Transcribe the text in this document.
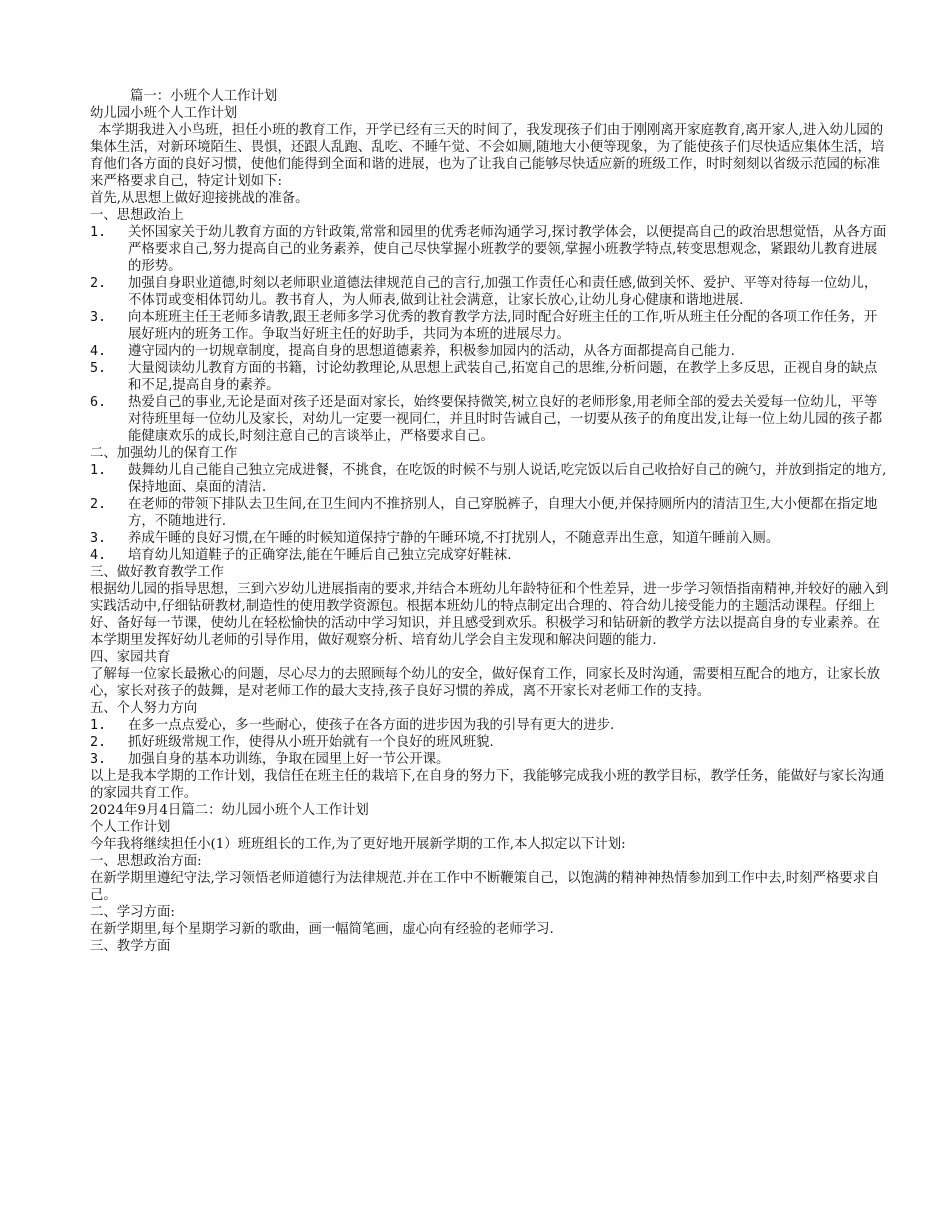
篇一：小班个人工作计划

幼儿园小班个人工作计划

本学期我进入小鸟班，担任小班的教育工作，开学已经有三天的时间了，我发现孩子们由于刚刚离开家庭教育,离开家人,进入幼儿园的集体生活，对新环境陌生、畏惧，还跟人乱跑、乱吃、不睡午觉、不会如厕,随地大小便等现象，为了能使孩子们尽快适应集体生活，培育他们各方面的良好习惯，使他们能得到全面和谐的进展，也为了让我自己能够尽快适应新的班级工作，时时刻刻以省级示范园的标准来严格要求自己，特定计划如下:

首先,从思想上做好迎接挑战的准备。

一、思想政治上

1.	关怀国家关于幼儿教育方面的方针政策,常常和园里的优秀老师沟通学习,探讨教学体会，以便提高自己的政治思想觉悟，从各方面严格要求自己,努力提高自己的业务素养，使自己尽快掌握小班教学的要领,掌握小班教学特点,转变思想观念，紧跟幼儿教育进展的形势。
2.	加强自身职业道德,时刻以老师职业道德法律规范自己的言行,加强工作责任心和责任感,做到关怀、爱护、平等对待每一位幼儿，不体罚或变相体罚幼儿。教书育人，为人师表,做到让社会满意，让家长放心,让幼儿身心健康和谐地进展.
3.	向本班班主任王老师多请教,跟王老师多学习优秀的教育教学方法,同时配合好班主任的工作,听从班主任分配的各项工作任务，开展好班内的班务工作。争取当好班主任的好助手，共同为本班的进展尽力。
4.	遵守园内的一切规章制度，提高自身的思想道德素养，积极参加园内的活动，从各方面都提高自己能力.
5.	大量阅读幼儿教育方面的书籍，讨论幼教理论,从思想上武装自己,拓宽自己的思维,分析问题，在教学上多反思，正视自身的缺点和不足,提高自身的素养。
6.	热爱自己的事业,无论是面对孩子还是面对家长，始终要保持微笑,树立良好的老师形象,用老师全部的爱去关爱每一位幼儿，平等对待班里每一位幼儿及家长，对幼儿一定要一视同仁，并且时时告诫自己，一切要从孩子的角度出发,让每一位上幼儿园的孩子都能健康欢乐的成长,时刻注意自己的言谈举止，严格要求自己。

二、加强幼儿的保育工作

1.	鼓舞幼儿自己能自己独立完成进餐，不挑食，在吃饭的时候不与别人说话,吃完饭以后自己收拾好自己的碗勺，并放到指定的地方,保持地面、桌面的清洁.
2.	在老师的带领下排队去卫生间,在卫生间内不推挤别人，自己穿脱裤子，自理大小便,并保持厕所内的清洁卫生,大小便都在指定地方，不随地进行.
3.	养成午睡的良好习惯,在午睡的时候知道保持宁静的午睡环境,不打扰别人，不随意弄出生意，知道午睡前入厕。
4.	培育幼儿知道鞋子的正确穿法,能在午睡后自己独立完成穿好鞋袜.

三、做好教育教学工作

根据幼儿园的指导思想，三到六岁幼儿进展指南的要求,并结合本班幼儿年龄特征和个性差异，进一步学习领悟指南精神,并较好的融入到实践活动中,仔细钻研教材,制造性的使用教学资源包。根据本班幼儿的特点制定出合理的、符合幼儿接受能力的主题活动课程。仔细上好、备好每一节课，使幼儿在轻松愉快的活动中学习知识，并且感受到欢乐。积极学习和钻研新的教学方法以提高自身的专业素养。在本学期里发挥好幼儿老师的引导作用，做好观察分析、培育幼儿学会自主发现和解决问题的能力.

四、家园共育

了解每一位家长最揪心的问题，尽心尽力的去照顾每个幼儿的安全，做好保育工作，同家长及时沟通，需要相互配合的地方，让家长放心，家长对孩子的鼓舞，是对老师工作的最大支持,孩子良好习惯的养成，离不开家长对老师工作的支持。

五、个人努力方向

1.	在多一点点爱心，多一些耐心，使孩子在各方面的进步因为我的引导有更大的进步.
2.	抓好班级常规工作，使得从小班开始就有一个良好的班风班貌.
3.	加强自身的基本功训练，争取在园里上好一节公开课。

以上是我本学期的工作计划，我信任在班主任的栽培下,在自身的努力下，我能够完成我小班的教学目标，教学任务，能做好与家长沟通的家园共育工作。

2024年9月4日篇二：幼儿园小班个人工作计划

个人工作计划

今年我将继续担任小(1）班班组长的工作,为了更好地开展新学期的工作,本人拟定以下计划:

一、思想政治方面:

在新学期里遵纪守法,学习领悟老师道德行为法律规范.并在工作中不断鞭策自己，以饱满的精神神热情参加到工作中去,时刻严格要求自己。

二、学习方面:

在新学期里,每个星期学习新的歌曲，画一幅简笔画，虚心向有经验的老师学习.

三、教学方面
